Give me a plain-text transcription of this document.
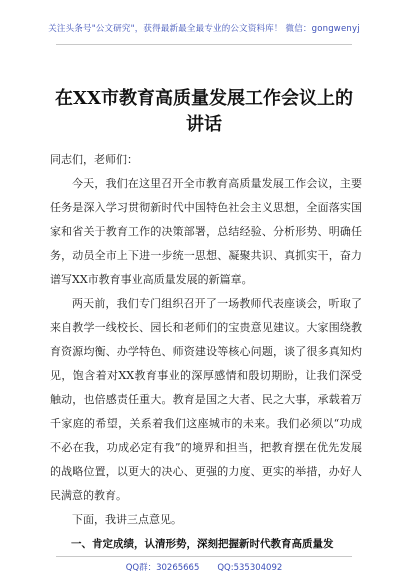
关注头条号"公文研究"，获得最新最全最专业的公文资料库！ 微信：gongwenyj
在XX市教育高质量发展工作会议上的讲话

同志们，老师们：

今天，我们在这里召开全市教育高质量发展工作会议，主要任务是深入学习贯彻新时代中国特色社会主义思想，全面落实国家和省关于教育工作的决策部署，总结经验、分析形势、明确任务，动员全市上下进一步统一思想、凝聚共识、真抓实干，奋力谱写XX市教育事业高质量发展的新篇章。

两天前，我们专门组织召开了一场教师代表座谈会，听取了来自教学一线校长、园长和老师们的宝贵意见建议。大家围绕教育资源均衡、办学特色、师资建设等核心问题，谈了很多真知灼见，饱含着对XX教育事业的深厚感情和殷切期盼，让我们深受触动，也倍感责任重大。教育是国之大者、民之大事，承载着万千家庭的希望，关系着我们这座城市的未来。我们必须以“功成不必在我，功成必定有我”的境界和担当，把教育摆在优先发展的战略位置，以更大的决心、更强的力度、更实的举措，办好人民满意的教育。

下面，我讲三点意见。

一、肯定成绩，认清形势，深刻把握新时代教育高质量发

QQ群：30265665 QQ:535304092
